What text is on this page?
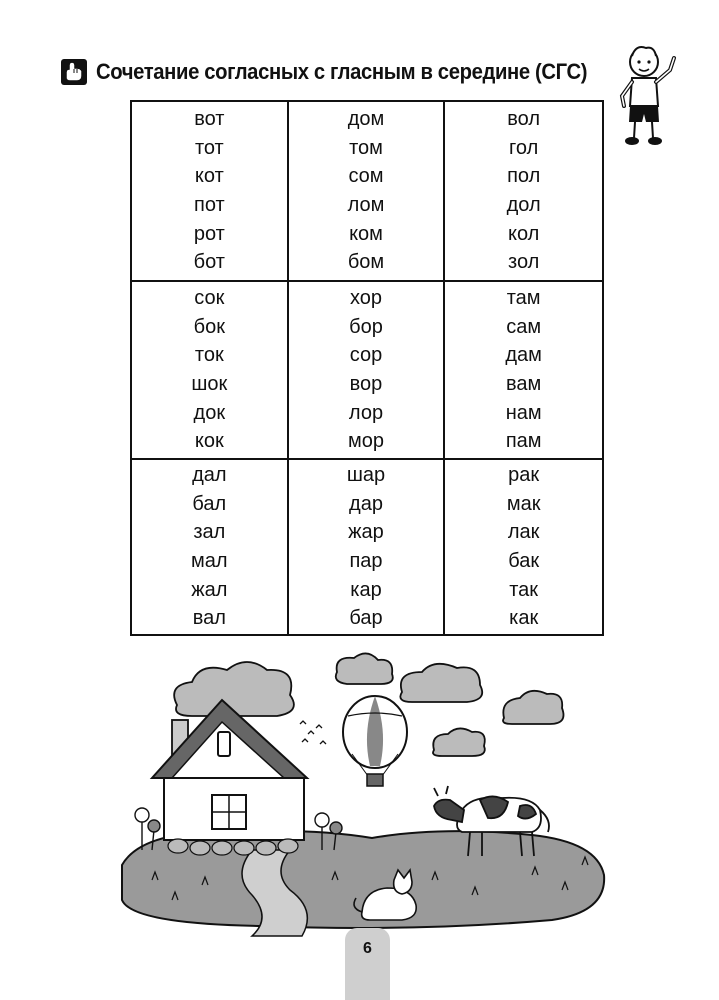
Сочетание согласных с гласным в середине (СГС)
вот
тот
кот
пот
рот
бот
дом
том
сом
лом
ком
бом
вол
гол
пол
дол
кол
зол
сок
бок
ток
шок
док
кок
хор
бор
сор
вор
лор
мор
там
сам
дам
вам
нам
пам
дал
бал
зал
мал
жал
вал
шар
дар
жар
пар
кар
бар
рак
мак
лак
бак
так
как
6
